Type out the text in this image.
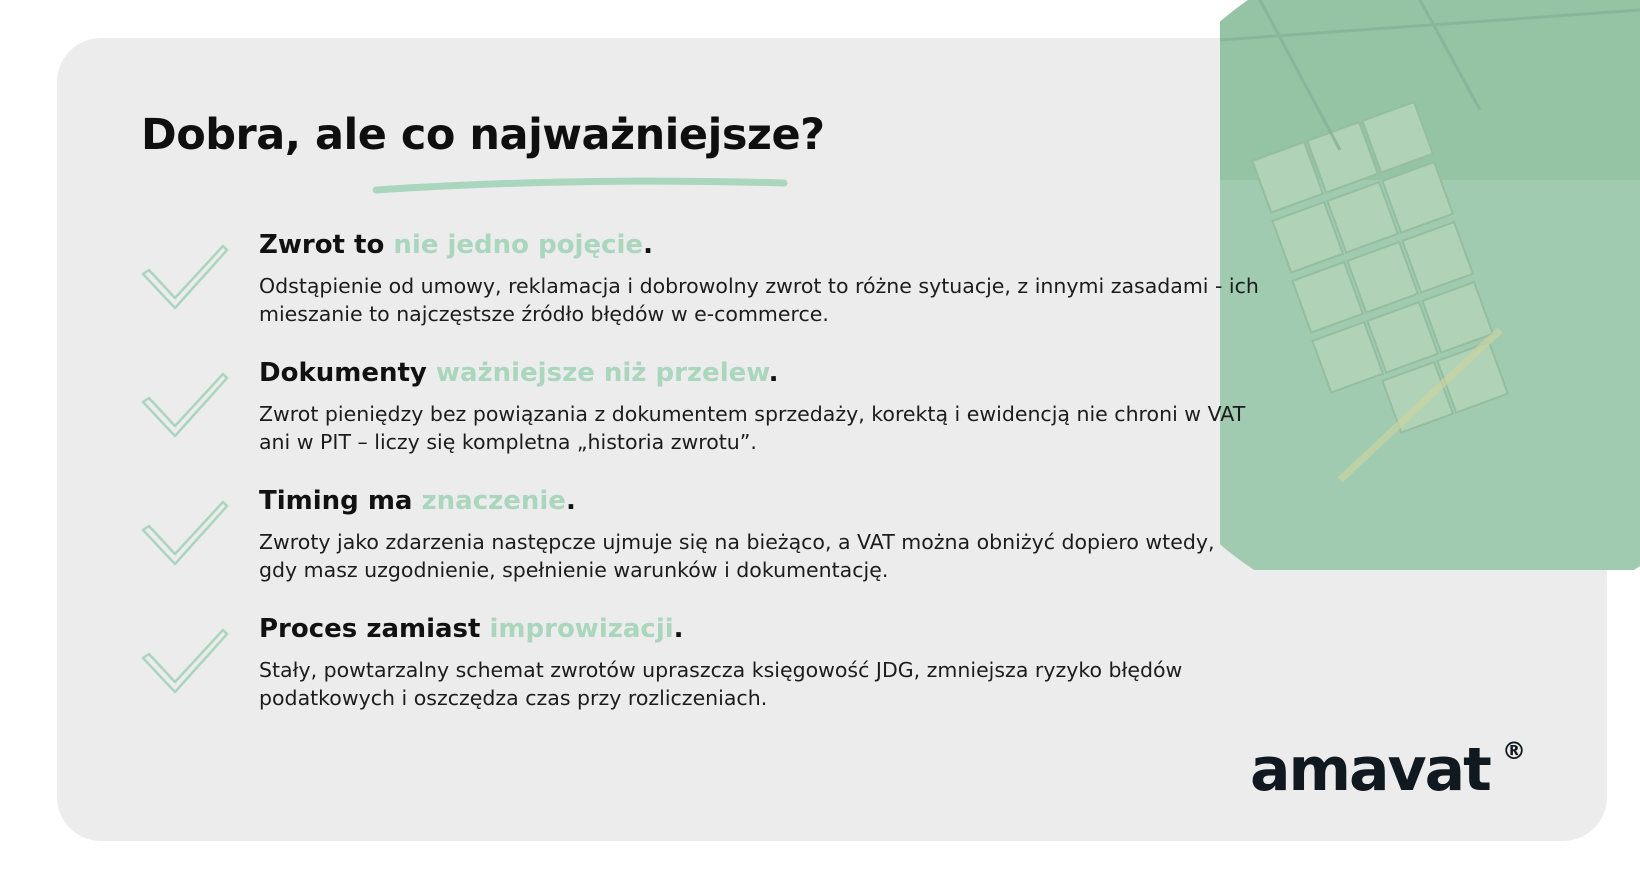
Dobra, ale co najważniejsze?
Zwrot to nie jedno pojęcie.

Odstąpienie od umowy, reklamacja i dobrowolny zwrot to różne sytuacje, z innymi zasadami - ich mieszanie to najczęstsze źródło błędów w e-commerce.

Dokumenty ważniejsze niż przelew.

Zwrot pieniędzy bez powiązania z dokumentem sprzedaży, korektą i ewidencją nie chroni w VAT ani w PIT – liczy się kompletna „historia zwrotu”.

Timing ma znaczenie.

Zwroty jako zdarzenia następcze ujmuje się na bieżąco, a VAT można obniżyć dopiero wtedy, gdy masz uzgodnienie, spełnienie warunków i dokumentację.

Proces zamiast improwizacji.

Stały, powtarzalny schemat zwrotów upraszcza księgowość JDG, zmniejsza ryzyko błędów podatkowych i oszczędza czas przy rozliczeniach.

amavat ®
